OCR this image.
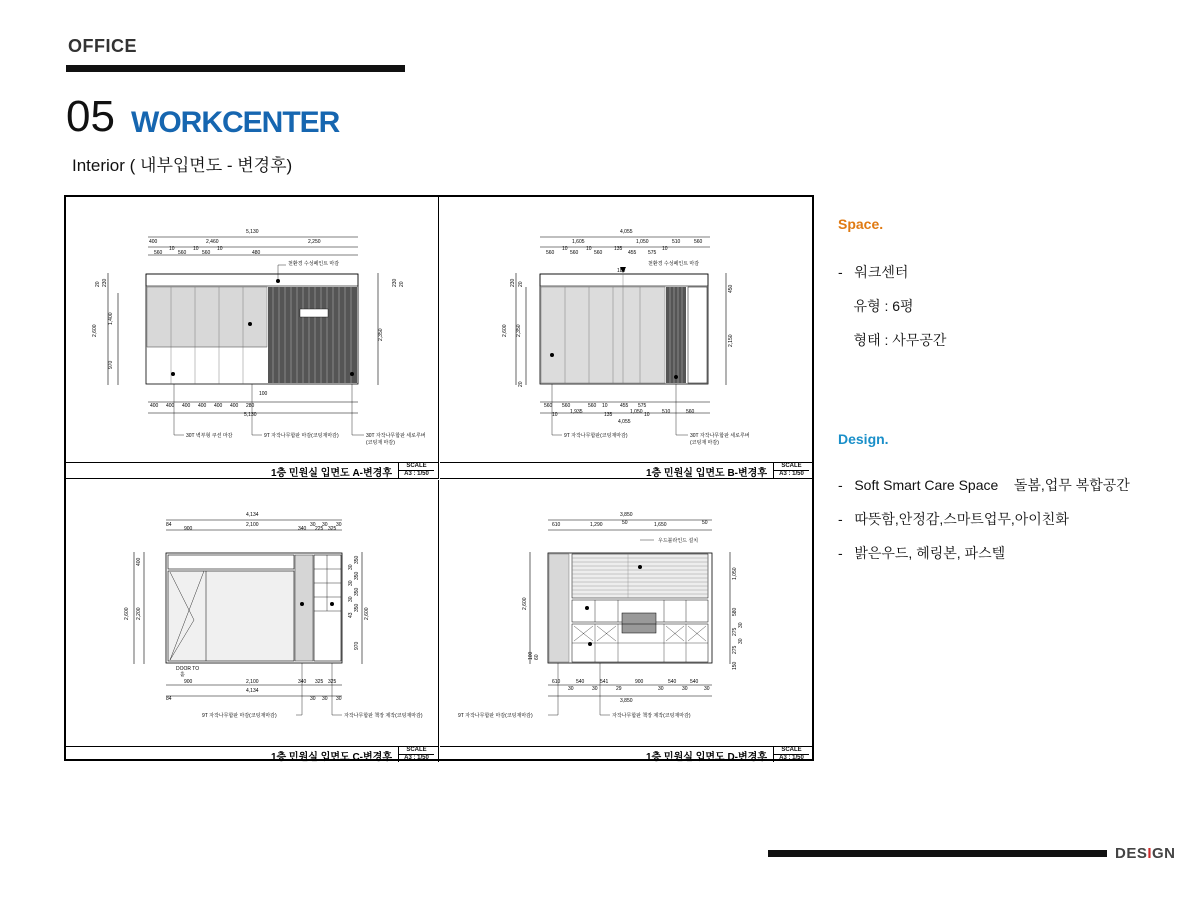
OFFICE
05 WORKCENTER
Interior ( 내부입면도 - 변경후)
5,130
2,460	2,250
400
10	10	10
480
560	560	560
2,600
1,400
970
230
20
2,350
230 20
400 400 400 400 400 400 280
5,130
100
천환경 수성페인트 마감
30T 벽부형 쿠션 마감	9T 자작나무합판 마감(코팅재마감)	30T 자작나무합판 세로루버
(코팅재 마감)
1층 민원실 입면도 A-변경후
SCALE
A3 : 1/50
4,055
1,605	1,050	510	560
560
10
560
10
560
135
455 575
10
2,600 2,350
230 20
20
2,150
450
560 560	560 10 455 575
1,935	135	1,050	510	560
10	10
4,055
천환경 수성페인트 마감
9T 자작나무합판(코팅재마감)	30T 자작나무합판 세로루버
(코팅재 마감)
180
1층 민원실 입면도 B-변경후
SCALE
A3 : 1/50
4,134
2,100
84
900	340 225 325
30 30 30
2,600 2,200
400
2,600
970
350
350
350
350
30
30
43
30
900	2,100	340 325 325
4,134
84	30 30 30
DOOR TO
홀
9T 자작나무합판 마감(코팅재마감)	자작나무합판 책장 제작(코팅재마감)
1층 민원실 입면도 C-변경후
SCALE
A3 : 1/50
3,850
610	1,290	50	1,650	50
2,600
100 60
1,050
580
275
275
150
30
30
610	540	541	900	540	540
30	30	29	30	30	30
3,850
우드블라인드 설치
9T 자작나무합판 마감(코팅재마감)	자작나무합판 책장 제작(코팅재마감)
1층 민원실 입면도 D-변경후
SCALE
A3 : 1/50
Space.
-   워크센터
유형 : 6평
형태 : 사무공간
Design.
-   Soft Smart Care Space    돌봄,업무 복합공간
-   따뜻함,안정감,스마트업무,아이친화
-   밝은우드, 헤링본, 파스텔
DESIGN
